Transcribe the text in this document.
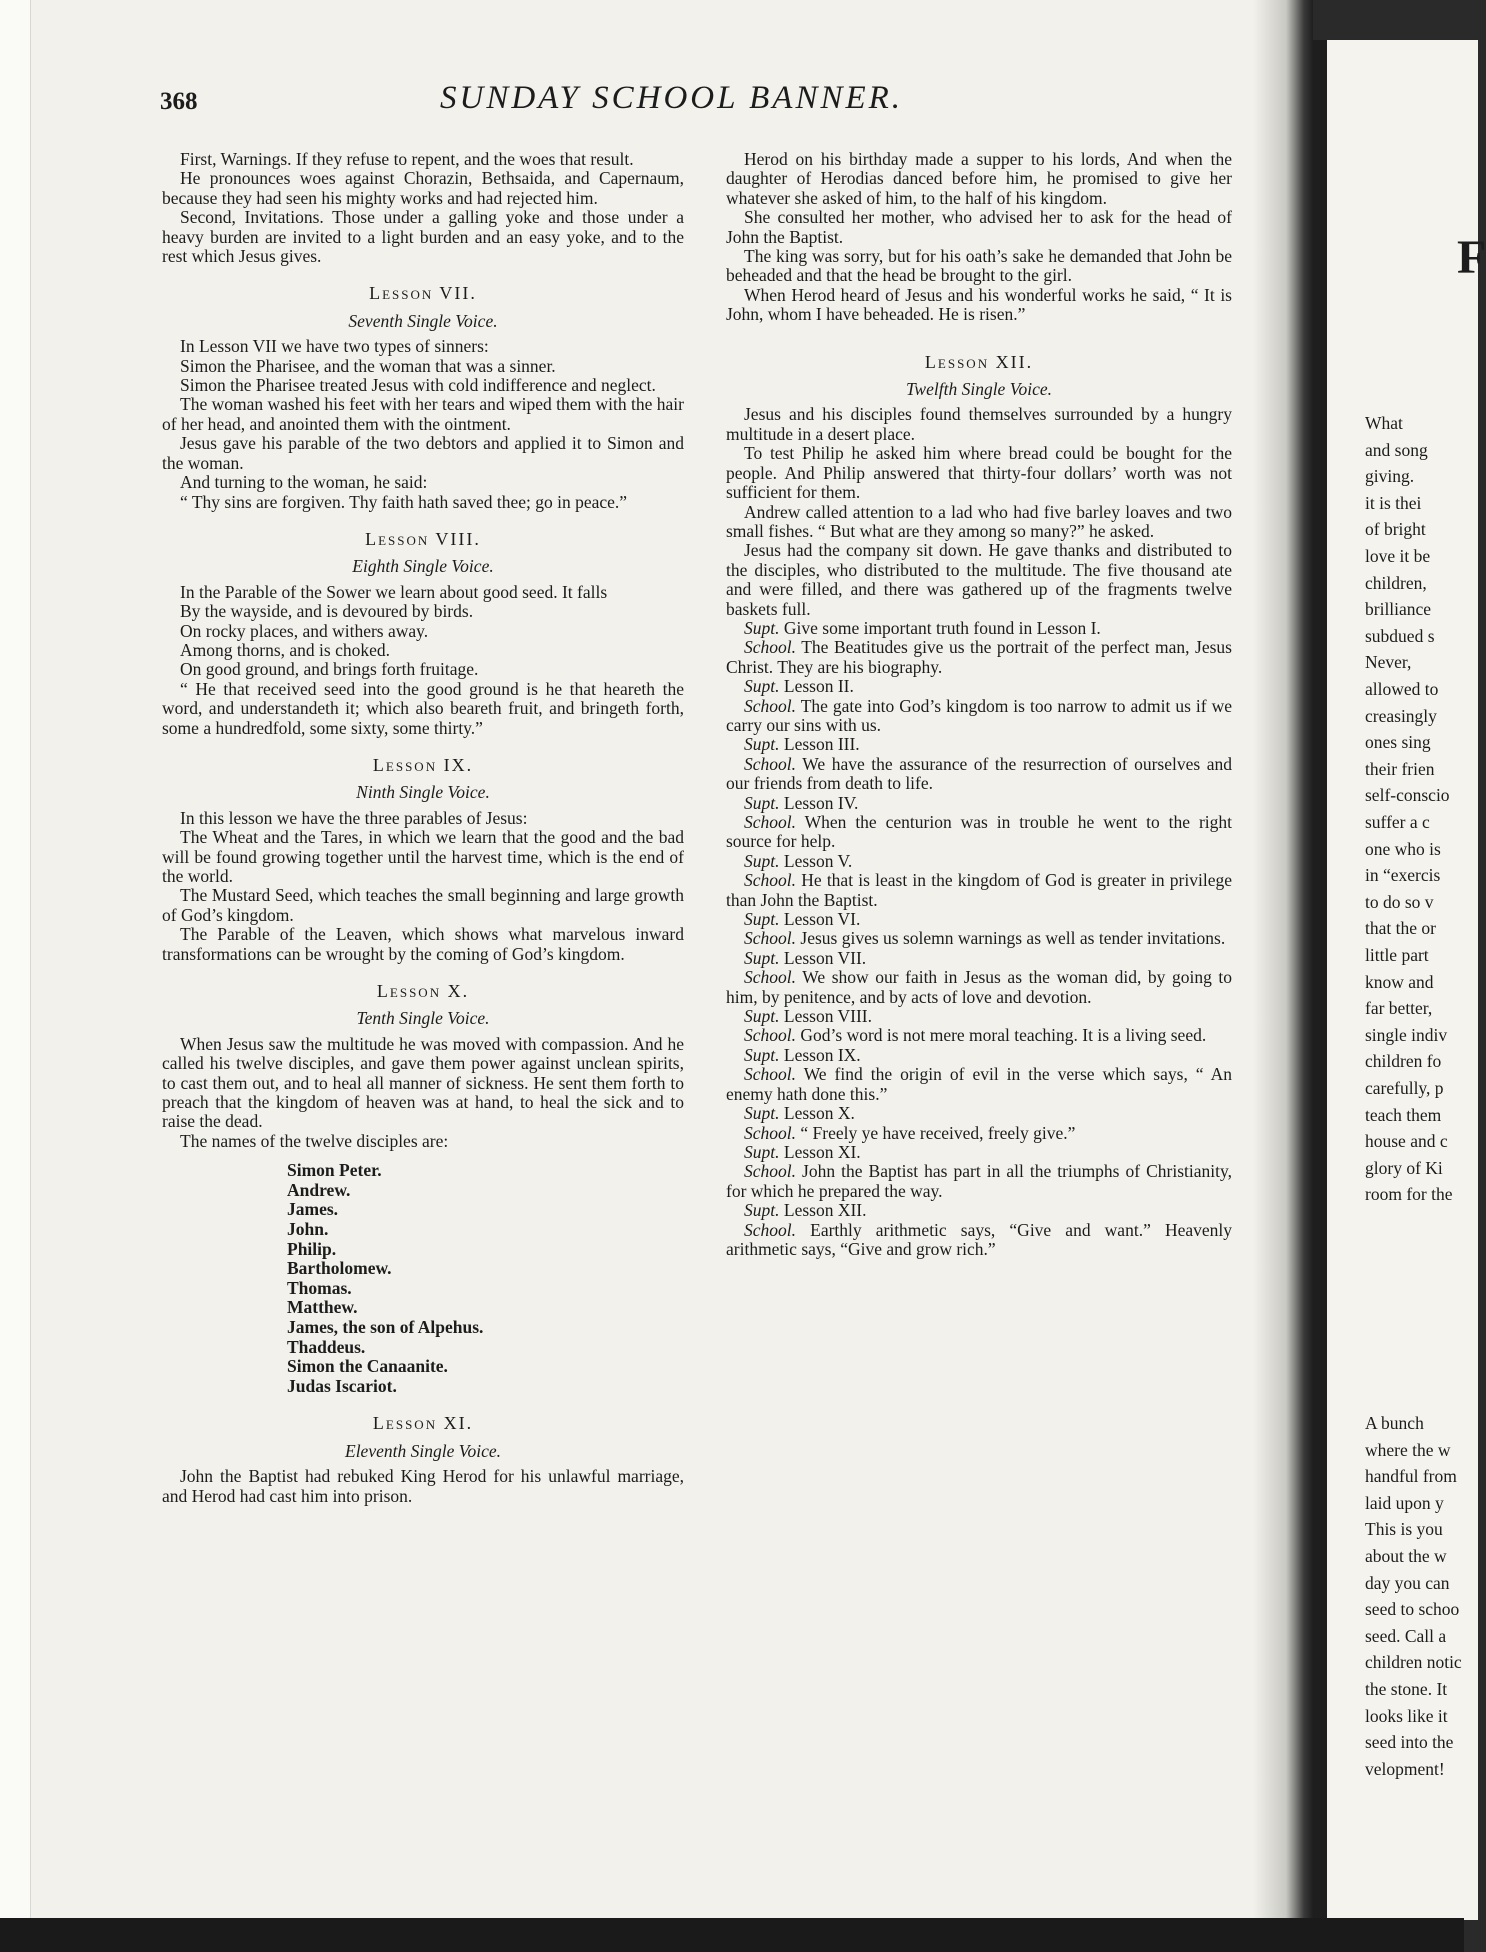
368	SUNDAY SCHOOL BANNER.

First, Warnings. If they refuse to repent, and the woes that result.

He pronounces woes against Chorazin, Bethsaida, and Capernaum, because they had seen his mighty works and had rejected him.

Second, Invitations. Those under a galling yoke and those under a heavy burden are invited to a light burden and an easy yoke, and to the rest which Jesus gives.

Lesson VII.
Seventh Single Voice.

In Lesson VII we have two types of sinners:

Simon the Pharisee, and the woman that was a sinner.

Simon the Pharisee treated Jesus with cold indifference and neglect.

The woman washed his feet with her tears and wiped them with the hair of her head, and anointed them with the ointment.

Jesus gave his parable of the two debtors and applied it to Simon and the woman.

And turning to the woman, he said:

“ Thy sins are forgiven. Thy faith hath saved thee; go in peace.”

Lesson VIII.
Eighth Single Voice.

In the Parable of the Sower we learn about good seed. It falls

By the wayside, and is devoured by birds.

On rocky places, and withers away.

Among thorns, and is choked.

On good ground, and brings forth fruitage.

“ He that received seed into the good ground is he that heareth the word, and understandeth it; which also beareth fruit, and bringeth forth, some a hundredfold, some sixty, some thirty.”

Lesson IX.
Ninth Single Voice.

In this lesson we have the three parables of Jesus:

The Wheat and the Tares, in which we learn that the good and the bad will be found growing together until the harvest time, which is the end of the world.

The Mustard Seed, which teaches the small beginning and large growth of God’s kingdom.

The Parable of the Leaven, which shows what marvelous inward transformations can be wrought by the coming of God’s kingdom.

Lesson X.
Tenth Single Voice.

When Jesus saw the multitude he was moved with compassion. And he called his twelve disciples, and gave them power against unclean spirits, to cast them out, and to heal all manner of sickness. He sent them forth to preach that the kingdom of heaven was at hand, to heal the sick and to raise the dead.

The names of the twelve disciples are:

Simon Peter.
Andrew.
James.
John.
Philip.
Bartholomew.
Thomas.
Matthew.
James, the son of Alpehus.
Thaddeus.
Simon the Canaanite.
Judas Iscariot.
Lesson XI.
Eleventh Single Voice.

John the Baptist had rebuked King Herod for his unlawful marriage, and Herod had cast him into prison.

Herod on his birthday made a supper to his lords, And when the daughter of Herodias danced before him, he promised to give her whatever she asked of him, to the half of his kingdom.

She consulted her mother, who advised her to ask for the head of John the Baptist.

The king was sorry, but for his oath’s sake he demanded that John be beheaded and that the head be brought to the girl.

When Herod heard of Jesus and his wonderful works he said, “ It is John, whom I have beheaded. He is risen.”

Lesson XII.
Twelfth Single Voice.

Jesus and his disciples found themselves surrounded by a hungry multitude in a desert place.

To test Philip he asked him where bread could be bought for the people. And Philip answered that thirty-four dollars’ worth was not sufficient for them.

Andrew called attention to a lad who had five barley loaves and two small fishes. “ But what are they among so many?” he asked.

Jesus had the company sit down. He gave thanks and distributed to the disciples, who distributed to the multitude. The five thousand ate and were filled, and there was gathered up of the fragments twelve baskets full.

Supt. Give some important truth found in Lesson I.

School. The Beatitudes give us the portrait of the perfect man, Jesus Christ. They are his biography.

Supt. Lesson II.

School. The gate into God’s kingdom is too narrow to admit us if we carry our sins with us.

Supt. Lesson III.

School. We have the assurance of the resurrection of ourselves and our friends from death to life.

Supt. Lesson IV.

School. When the centurion was in trouble he went to the right source for help.

Supt. Lesson V.

School. He that is least in the kingdom of God is greater in privilege than John the Baptist.

Supt. Lesson VI.

School. Jesus gives us solemn warnings as well as tender invitations.

Supt. Lesson VII.

School. We show our faith in Jesus as the woman did, by going to him, by penitence, and by acts of love and devotion.

Supt. Lesson VIII.

School. God’s word is not mere moral teaching. It is a living seed.

Supt. Lesson IX.

School. We find the origin of evil in the verse which says, “ An enemy hath done this.”

Supt. Lesson X.

School. “ Freely ye have received, freely give.”

Supt. Lesson XI.

School. John the Baptist has part in all the triumphs of Christianity, for which he prepared the way.

Supt. Lesson XII.

School. Earthly arithmetic says, “Give and want.” Heavenly arithmetic says, “Give and grow rich.”

F
What
and song
giving.
it is thei
of bright
love it be
children,
brilliance
subdued s
Never,
allowed to
creasingly
ones sing
their frien
self-conscio
suffer a c
one who is
in “exercis
to do so v
that the or
little part
know and
far better,
single indiv
children fo
carefully, p
teach them
house and c
glory of Ki
room for the
A bunch
where the w
handful from
laid upon y
This is you
about the w
day you can
seed to schoo
seed. Call a
children notic
the stone. It
looks like it
seed into the
velopment!
